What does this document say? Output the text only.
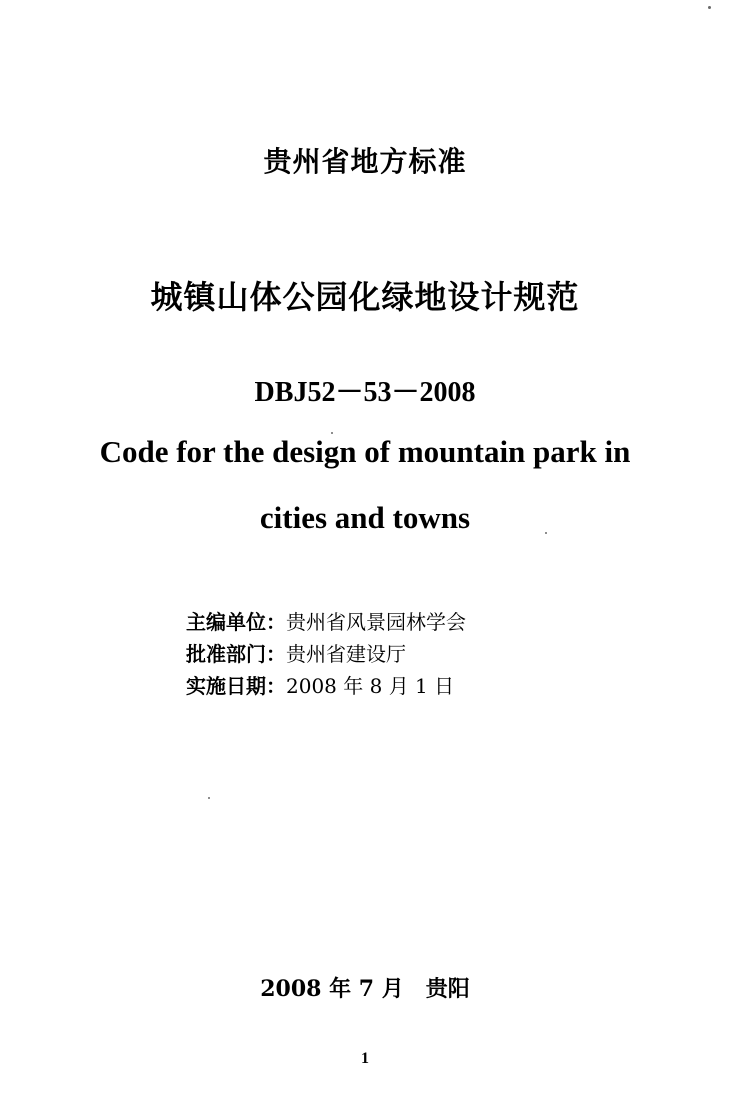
贵州省地方标准
城镇山体公园化绿地设计规范
DBJ52－53－2008
Code for the design of mountain park in
cities and towns
主编单位： 贵州省风景园林学会
批准部门： 贵州省建设厅
实施日期： 2008 年 8 月 1 日
2008 年 7 月　贵阳
1
